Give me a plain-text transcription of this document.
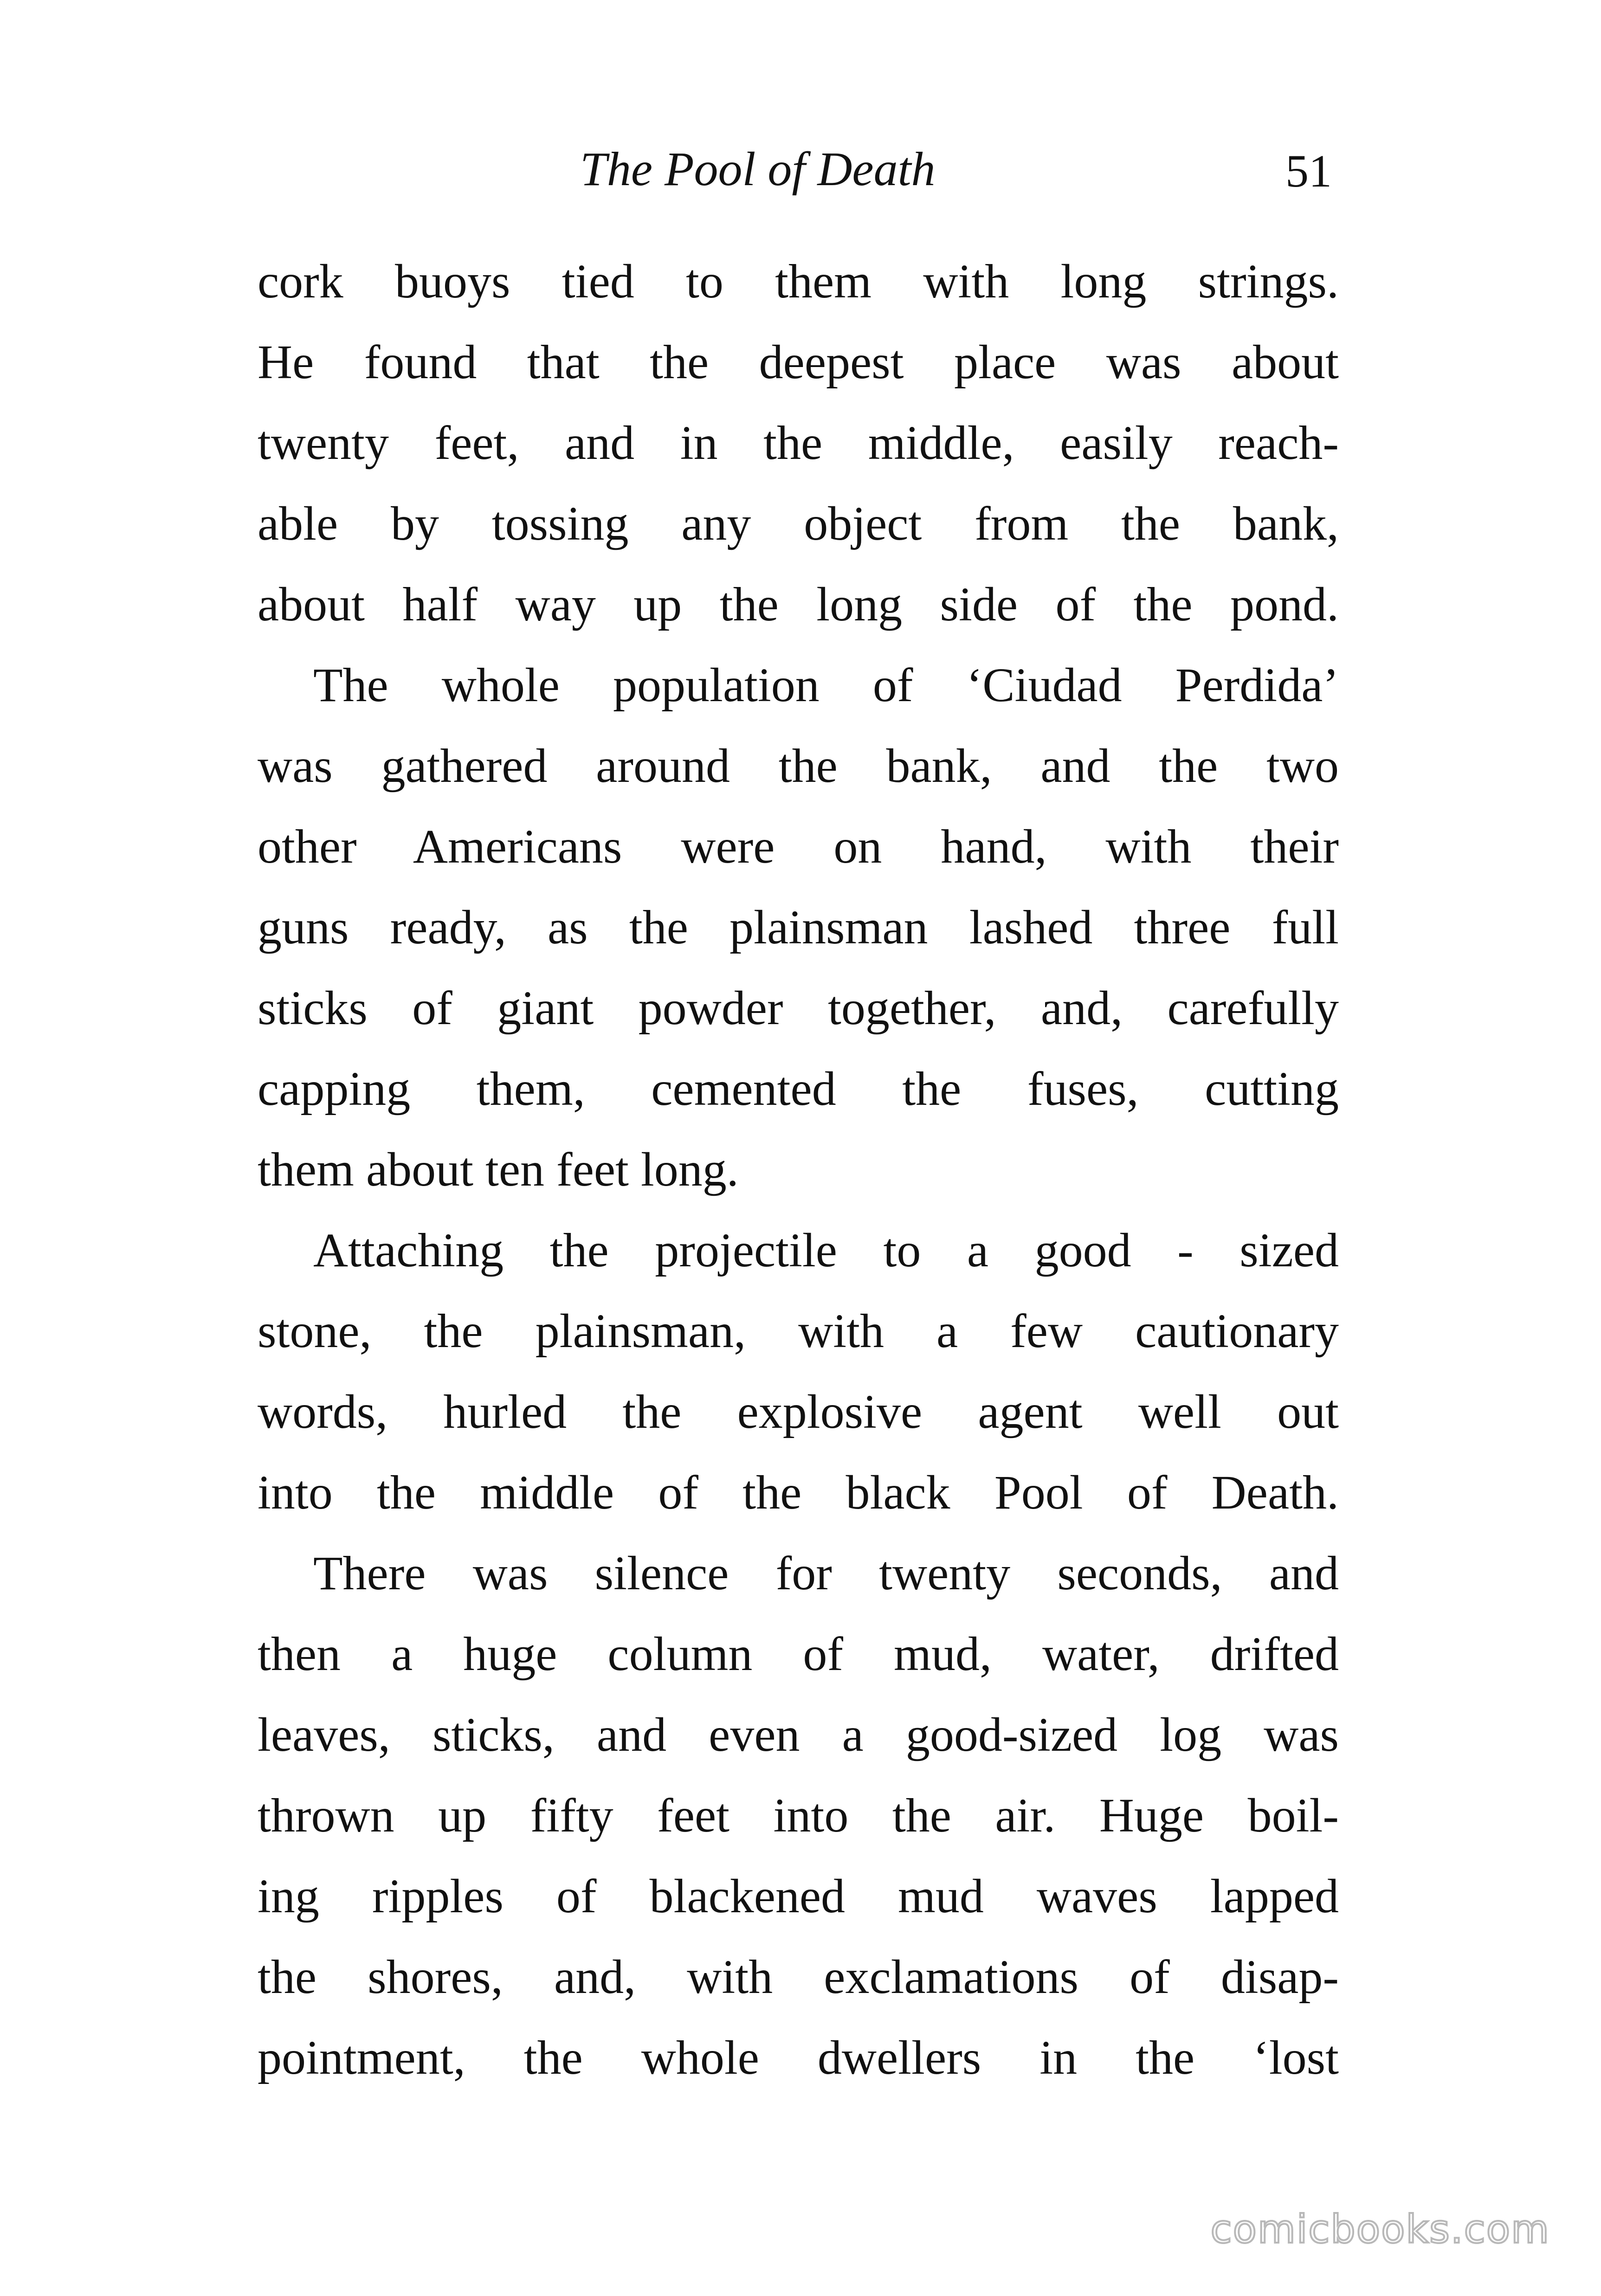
The Pool of Death	51
cork buoys tied to them with long strings.
He found that the deepest place was about
twenty feet, and in the middle, easily reach-
able by tossing any object from the bank,
about half way up the long side of the pond.
The whole population of ‘Ciudad Perdida’
was gathered around the bank, and the two
other Americans were on hand, with their
guns ready, as the plainsman lashed three full
sticks of giant powder together, and, carefully
capping them, cemented the fuses, cutting
them about ten feet long.
Attaching the projectile to a good - sized
stone, the plainsman, with a few cautionary
words, hurled the explosive agent well out
into the middle of the black Pool of Death.
There was silence for twenty seconds, and
then a huge column of mud, water, drifted
leaves, sticks, and even a good-sized log was
thrown up fifty feet into the air. Huge boil-
ing ripples of blackened mud waves lapped
the shores, and, with exclamations of disap-
pointment, the whole dwellers in the ‘lost
comicbooks.com
